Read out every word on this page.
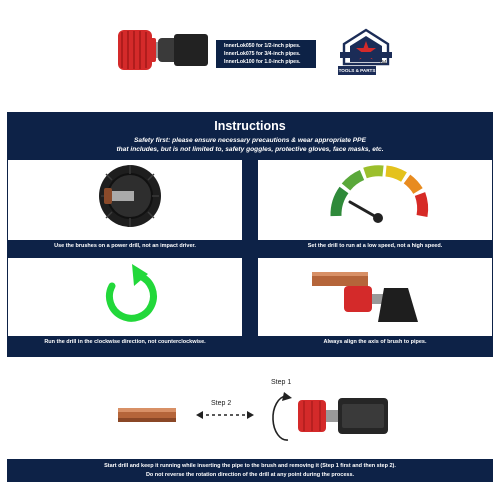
InnerLok050 for 1/2-inch pipes.
InnerLok075 for 3/4-inch pipes.
InnerLok100 for 1.0-inch pipes.
TOOLS & PARTS
TM
Instructions
Safety first: please ensure necessary precautions & wear appropriate PPE
that includes, but is not limited to, safety goggles, protective gloves, face masks, etc.
Use the brushes on a power drill, not an impact driver.	Set the drill to run at a low speed, not a high speed.
Run the drill in the clockwise direction, not counterclockwise.	Always align the axis of brush to pipes.
Step 1
Step 2
Start drill and keep it running while inserting the pipe to the brush and removing it (Step 1 first and then step 2).
Do not reverse the rotation direction of the drill at any point during the process.
